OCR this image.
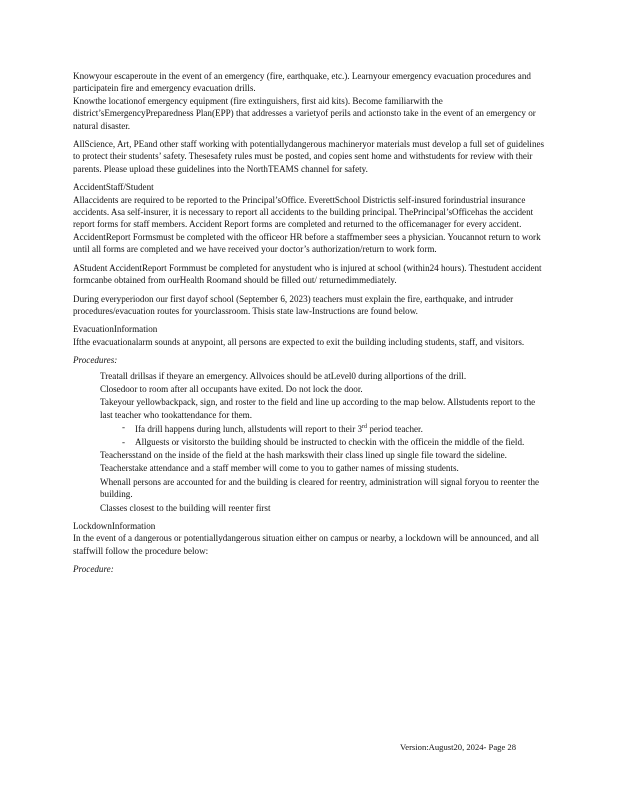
Knowyour escaperoute in the event of an emergency (fire, earthquake, etc.). Learnyour emergency evacuation procedures and participatein fire and emergency evacuation drills.

Knowthe locationof emergency equipment (fire extinguishers, first aid kits). Become familiarwith the district’sEmergencyPreparedness Plan(EPP) that addresses a varietyof perils and actionsto take in the event of an emergency or natural disaster.

AllScience, Art, PEand other staff working with potentiallydangerous machineryor materials must develop a full set of guidelines to protect their students’ safety. Thesesafety rules must be posted, and copies sent home and withstudents for review with their parents. Please upload these guidelines into the NorthTEAMS channel for safety.

AccidentStaff/Student

Allaccidents are required to be reported to the Principal’sOffice. EverettSchool Districtis self-insured forindustrial insurance accidents. Asa self-insurer, it is necessary to report all accidents to the building principal. ThePrincipal’sOfficehas the accident report forms for staff members. Accident Report forms are completed and returned to the officemanager for every accident. AccidentReport Formsmust be completed with the officeor HR before a staffmember sees a physician. Youcannot return to work until all forms are completed and we have received your doctor’s authorization/return to work form.

AStudent AccidentReport Formmust be completed for anystudent who is injured at school (within24 hours). Thestudent accident formcanbe obtained from ourHealth Roomand should be filled out/ returnedimmediately.

During everyperiodon our first dayof school (September 6, 2023) teachers must explain the fire, earthquake, and intruder procedures/evacuation routes for yourclassroom. Thisis state law-Instructions are found below.

EvacuationInformation

Ifthe evacuationalarm sounds at anypoint, all persons are expected to exit the building including students, staff, and visitors.

Procedures:

Treatall drillsas if theyare an emergency. Allvoices should be atLevel0 during allportions of the drill.
Closedoor to room after all occupants have exited. Do not lock the door.
Takeyour yellowbackpack, sign, and roster to the field and line up according to the map below. Allstudents report to the last teacher who tookattendance for them.
- Ifa drill happens during lunch, allstudents will report to their 3rd period teacher.
- Allguests or visitorsto the building should be instructed to checkin with the officein the middle of the field.
Teachersstand on the inside of the field at the hash markswith their class lined up single file toward the sideline.
Teacherstake attendance and a staff member will come to you to gather names of missing students.
Whenall persons are accounted for and the building is cleared for reentry, administration will signal foryou to reenter the building.
Classes closest to the building will reenter first

LockdownInformation

In the event of a dangerous or potentiallydangerous situation either on campus or nearby, a lockdown will be announced, and all staffwill follow the procedure below:

Procedure:

Version:August20, 2024- Page 28
